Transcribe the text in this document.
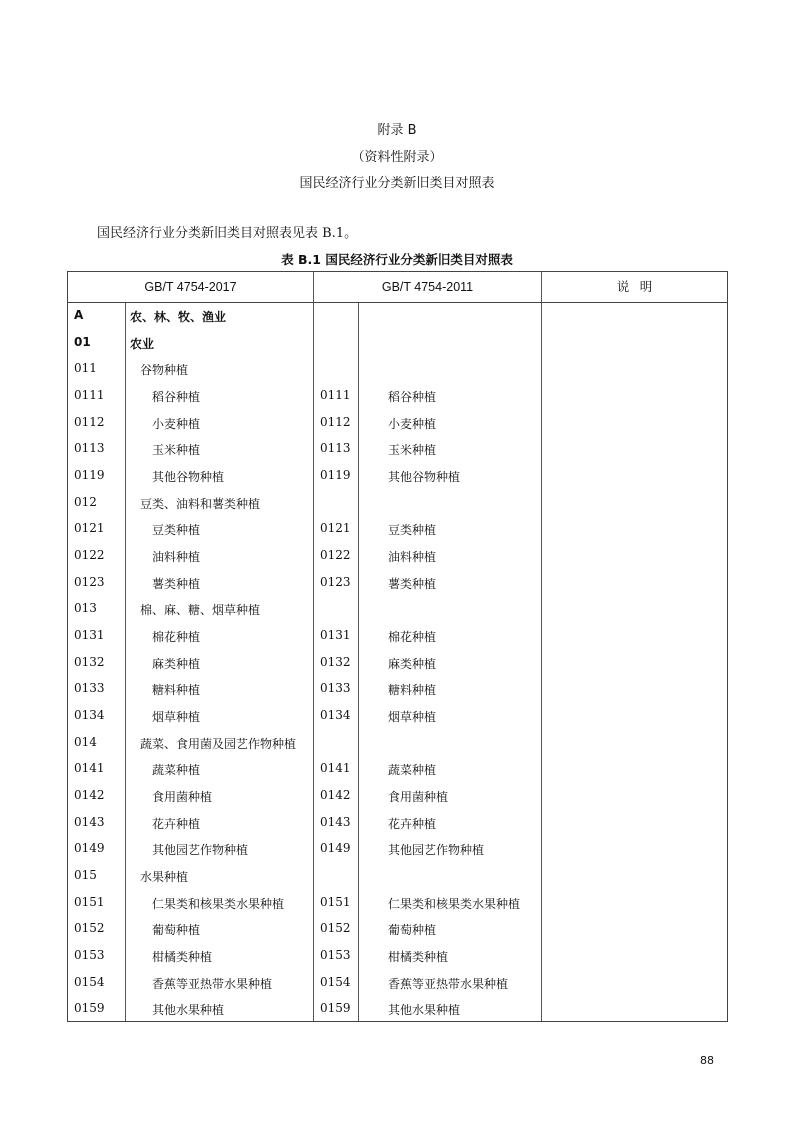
附录 B
（资料性附录）
国民经济行业分类新旧类目对照表
国民经济行业分类新旧类目对照表见表 B.1。
表 B.1 国民经济行业分类新旧类目对照表
GB/T 4754-2017	GB/T 4754-2011	说   明
A	农、林、牧、渔业
01	农业
011	谷物种植
0111	稻谷种植	0111	稻谷种植
0112	小麦种植	0112	小麦种植
0113	玉米种植	0113	玉米种植
0119	其他谷物种植	0119	其他谷物种植
012	豆类、油料和薯类种植
0121	豆类种植	0121	豆类种植
0122	油料种植	0122	油料种植
0123	薯类种植	0123	薯类种植
013	棉、麻、糖、烟草种植
0131	棉花种植	0131	棉花种植
0132	麻类种植	0132	麻类种植
0133	糖料种植	0133	糖料种植
0134	烟草种植	0134	烟草种植
014	蔬菜、食用菌及园艺作物种植
0141	蔬菜种植	0141	蔬菜种植
0142	食用菌种植	0142	食用菌种植
0143	花卉种植	0143	花卉种植
0149	其他园艺作物种植	0149	其他园艺作物种植
015	水果种植
0151	仁果类和核果类水果种植	0151	仁果类和核果类水果种植
0152	葡萄种植	0152	葡萄种植
0153	柑橘类种植	0153	柑橘类种植
0154	香蕉等亚热带水果种植	0154	香蕉等亚热带水果种植
0159	其他水果种植	0159	其他水果种植
88
